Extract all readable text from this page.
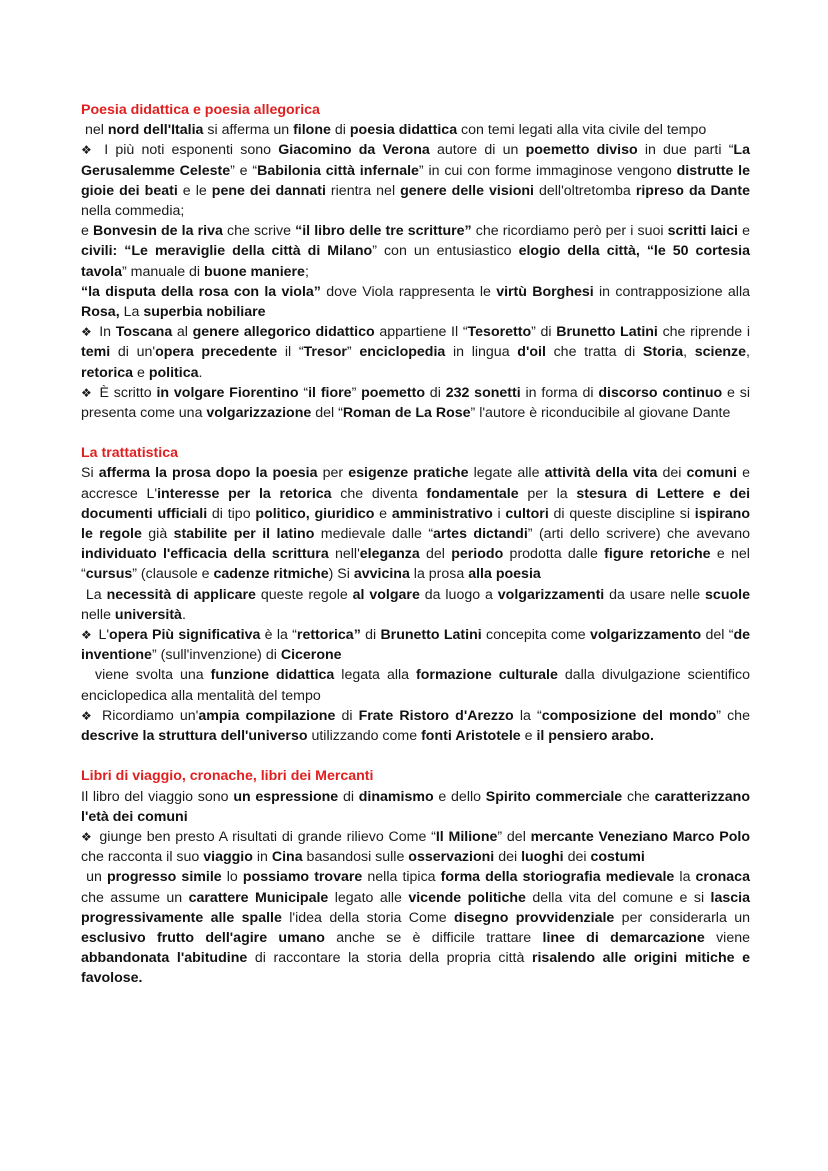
Poesia didattica e poesia allegorica

nel nord dell'Italia si afferma un filone di poesia didattica con temi legati alla vita civile del tempo

❖ I più noti esponenti sono Giacomino da Verona autore di un poemetto diviso in due parti “La Gerusalemme Celeste” e “Babilonia città infernale” in cui con forme immaginose vengono distrutte le gioie dei beati e le pene dei dannati rientra nel genere delle visioni dell'oltretomba ripreso da Dante nella commedia;

e Bonvesin de la riva che scrive “il libro delle tre scritture” che ricordiamo però per i suoi scritti laici e civili: “Le meraviglie della città di Milano” con un entusiastico elogio della città, “le 50 cortesia tavola” manuale di buone maniere;

“la disputa della rosa con la viola” dove Viola rappresenta le virtù Borghesi in contrapposizione alla Rosa, La superbia nobiliare

❖ In Toscana al genere allegorico didattico appartiene Il “Tesoretto” di Brunetto Latini che riprende i temi di un'opera precedente il “Tresor” enciclopedia in lingua d'oil che tratta di Storia, scienze, retorica e politica.

❖ È scritto in volgare Fiorentino “il fiore” poemetto di 232 sonetti in forma di discorso continuo e si presenta come una volgarizzazione del “Roman de La Rose” l'autore è riconducibile al giovane Dante

La trattatistica

Si afferma la prosa dopo la poesia per esigenze pratiche legate alle attività della vita dei comuni e accresce L'interesse per la retorica che diventa fondamentale per la stesura di Lettere e dei documenti ufficiali di tipo politico, giuridico e amministrativo i cultori di queste discipline si ispirano le regole già stabilite per il latino medievale dalle “artes dictandi” (arti dello scrivere) che avevano individuato l'efficacia della scrittura nell'eleganza del periodo prodotta dalle figure retoriche e nel “cursus” (clausole e cadenze ritmiche) Si avvicina la prosa alla poesia

La necessità di applicare queste regole al volgare da luogo a volgarizzamenti da usare nelle scuole nelle università.

❖ L'opera Più significativa è la “rettorica” di Brunetto Latini concepita come volgarizzamento del “de inventione” (sull'invenzione) di Cicerone

viene svolta una funzione didattica legata alla formazione culturale dalla divulgazione scientifico enciclopedica alla mentalità del tempo

❖ Ricordiamo un'ampia compilazione di Frate Ristoro d'Arezzo la “composizione del mondo” che descrive la struttura dell'universo utilizzando come fonti Aristotele e il pensiero arabo.

Libri di viaggio, cronache, libri dei Mercanti

Il libro del viaggio sono un espressione di dinamismo e dello Spirito commerciale che caratterizzano l'età dei comuni

❖ giunge ben presto A risultati di grande rilievo Come “Il Milione” del mercante Veneziano Marco Polo che racconta il suo viaggio in Cina basandosi sulle osservazioni dei luoghi dei costumi

un progresso simile lo possiamo trovare nella tipica forma della storiografia medievale la cronaca che assume un carattere Municipale legato alle vicende politiche della vita del comune e si lascia progressivamente alle spalle l'idea della storia Come disegno provvidenziale per considerarla un esclusivo frutto dell'agire umano anche se è difficile trattare linee di demarcazione viene abbandonata l'abitudine di raccontare la storia della propria città risalendo alle origini mitiche e favolose.
